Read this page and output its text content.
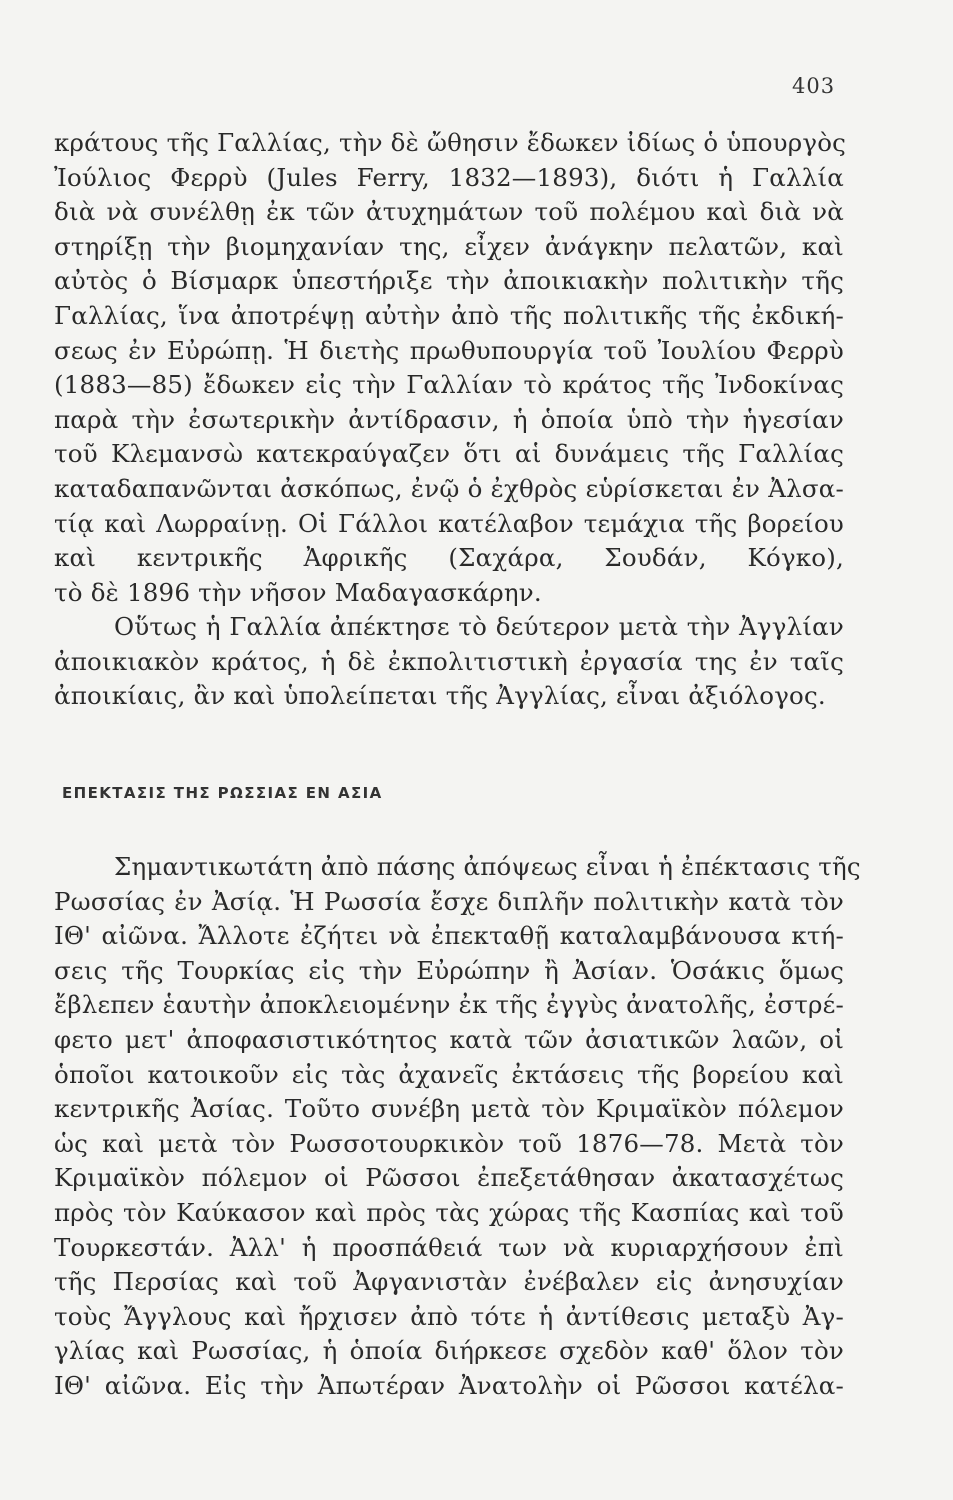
403
κράτους τῆς Γαλλίας, τὴν δὲ ὤθησιν ἔδωκεν ἰδίως ὁ ὑπουργὸς
Ἰούλιος Φερρὺ (Jules Ferry, 1832—1893), διότι ἡ Γαλλία
διὰ νὰ συνέλθῃ ἐκ τῶν ἀτυχημάτων τοῦ πολέμου καὶ διὰ νὰ
στηρίξῃ τὴν βιομηχανίαν της, εἶχεν ἀνάγκην πελατῶν, καὶ
αὐτὸς ὁ Βίσμαρκ ὑπεστήριξε τὴν ἀποικιακὴν πολιτικὴν τῆς
Γαλλίας, ἵνα ἀποτρέψῃ αὐτὴν ἀπὸ τῆς πολιτικῆς τῆς ἐκδική-
σεως ἐν Εὐρώπῃ. Ἡ διετὴς πρωθυπουργία τοῦ Ἰουλίου Φερρὺ
(1883—85) ἔδωκεν εἰς τὴν Γαλλίαν τὸ κράτος τῆς Ἰνδοκίνας
παρὰ τὴν ἐσωτερικὴν ἀντίδρασιν, ἡ ὁποία ὑπὸ τὴν ἡγεσίαν
τοῦ Κλεμανσὼ κατεκραύγαζεν ὅτι αἱ δυνάμεις τῆς Γαλλίας
καταδαπανῶνται ἀσκόπως, ἐνῷ ὁ ἐχθρὸς εὑρίσκεται ἐν Ἀλσα-
τίᾳ καὶ Λωρραίνῃ. Οἱ Γάλλοι κατέλαβον τεμάχια τῆς βορείου
καὶ κεντρικῆς Ἀφρικῆς (Σαχάρα, Σουδάν, Κόγκο),
τὸ δὲ 1896 τὴν νῆσον Μαδαγασκάρην.
Οὕτως ἡ Γαλλία ἀπέκτησε τὸ δεύτερον μετὰ τὴν Ἀγγλίαν
ἀποικιακὸν κράτος, ἡ δὲ ἐκπολιτιστικὴ ἐργασία της ἐν ταῖς
ἀποικίαις, ἂν καὶ ὑπολείπεται τῆς Ἀγγλίας, εἶναι ἀξιόλογος.
ΕΠΕΚΤΑΣΙΣ ΤΗΣ ΡΩΣΣΙΑΣ ΕΝ ΑΣΙΑ
Σημαντικωτάτη ἀπὸ πάσης ἀπόψεως εἶναι ἡ ἐπέκτασις τῆς
Ρωσσίας ἐν Ἀσίᾳ. Ἡ Ρωσσία ἔσχε διπλῆν πολιτικὴν κατὰ τὸν
ΙΘ' αἰῶνα. Ἄλλοτε ἐζήτει νὰ ἐπεκταθῇ καταλαμβάνουσα κτή-
σεις τῆς Τουρκίας εἰς τὴν Εὐρώπην ἢ Ἀσίαν. Ὁσάκις ὅμως
ἔβλεπεν ἑαυτὴν ἀποκλειομένην ἐκ τῆς ἐγγὺς ἀνατολῆς, ἐστρέ-
φετο μετ' ἀποφασιστικότητος κατὰ τῶν ἀσιατικῶν λαῶν, οἱ
ὁποῖοι κατοικοῦν εἰς τὰς ἀχανεῖς ἐκτάσεις τῆς βορείου καὶ
κεντρικῆς Ἀσίας. Τοῦτο συνέβη μετὰ τὸν Κριμαϊκὸν πόλεμον
ὡς καὶ μετὰ τὸν Ρωσσοτουρκικὸν τοῦ 1876—78. Μετὰ τὸν
Κριμαϊκὸν πόλεμον οἱ Ρῶσσοι ἐπεξετάθησαν ἀκατασχέτως
πρὸς τὸν Καύκασον καὶ πρὸς τὰς χώρας τῆς Κασπίας καὶ τοῦ
Τουρκεστάν. Ἀλλ' ἡ προσπάθειά των νὰ κυριαρχήσουν ἐπὶ
τῆς Περσίας καὶ τοῦ Ἀφγανιστὰν ἐνέβαλεν εἰς ἀνησυχίαν
τοὺς Ἄγγλους καὶ ἤρχισεν ἀπὸ τότε ἡ ἀντίθεσις μεταξὺ Ἀγ-
γλίας καὶ Ρωσσίας, ἡ ὁποία διήρκεσε σχεδὸν καθ' ὅλον τὸν
ΙΘ' αἰῶνα. Εἰς τὴν Ἀπωτέραν Ἀνατολὴν οἱ Ρῶσσοι κατέλα-
